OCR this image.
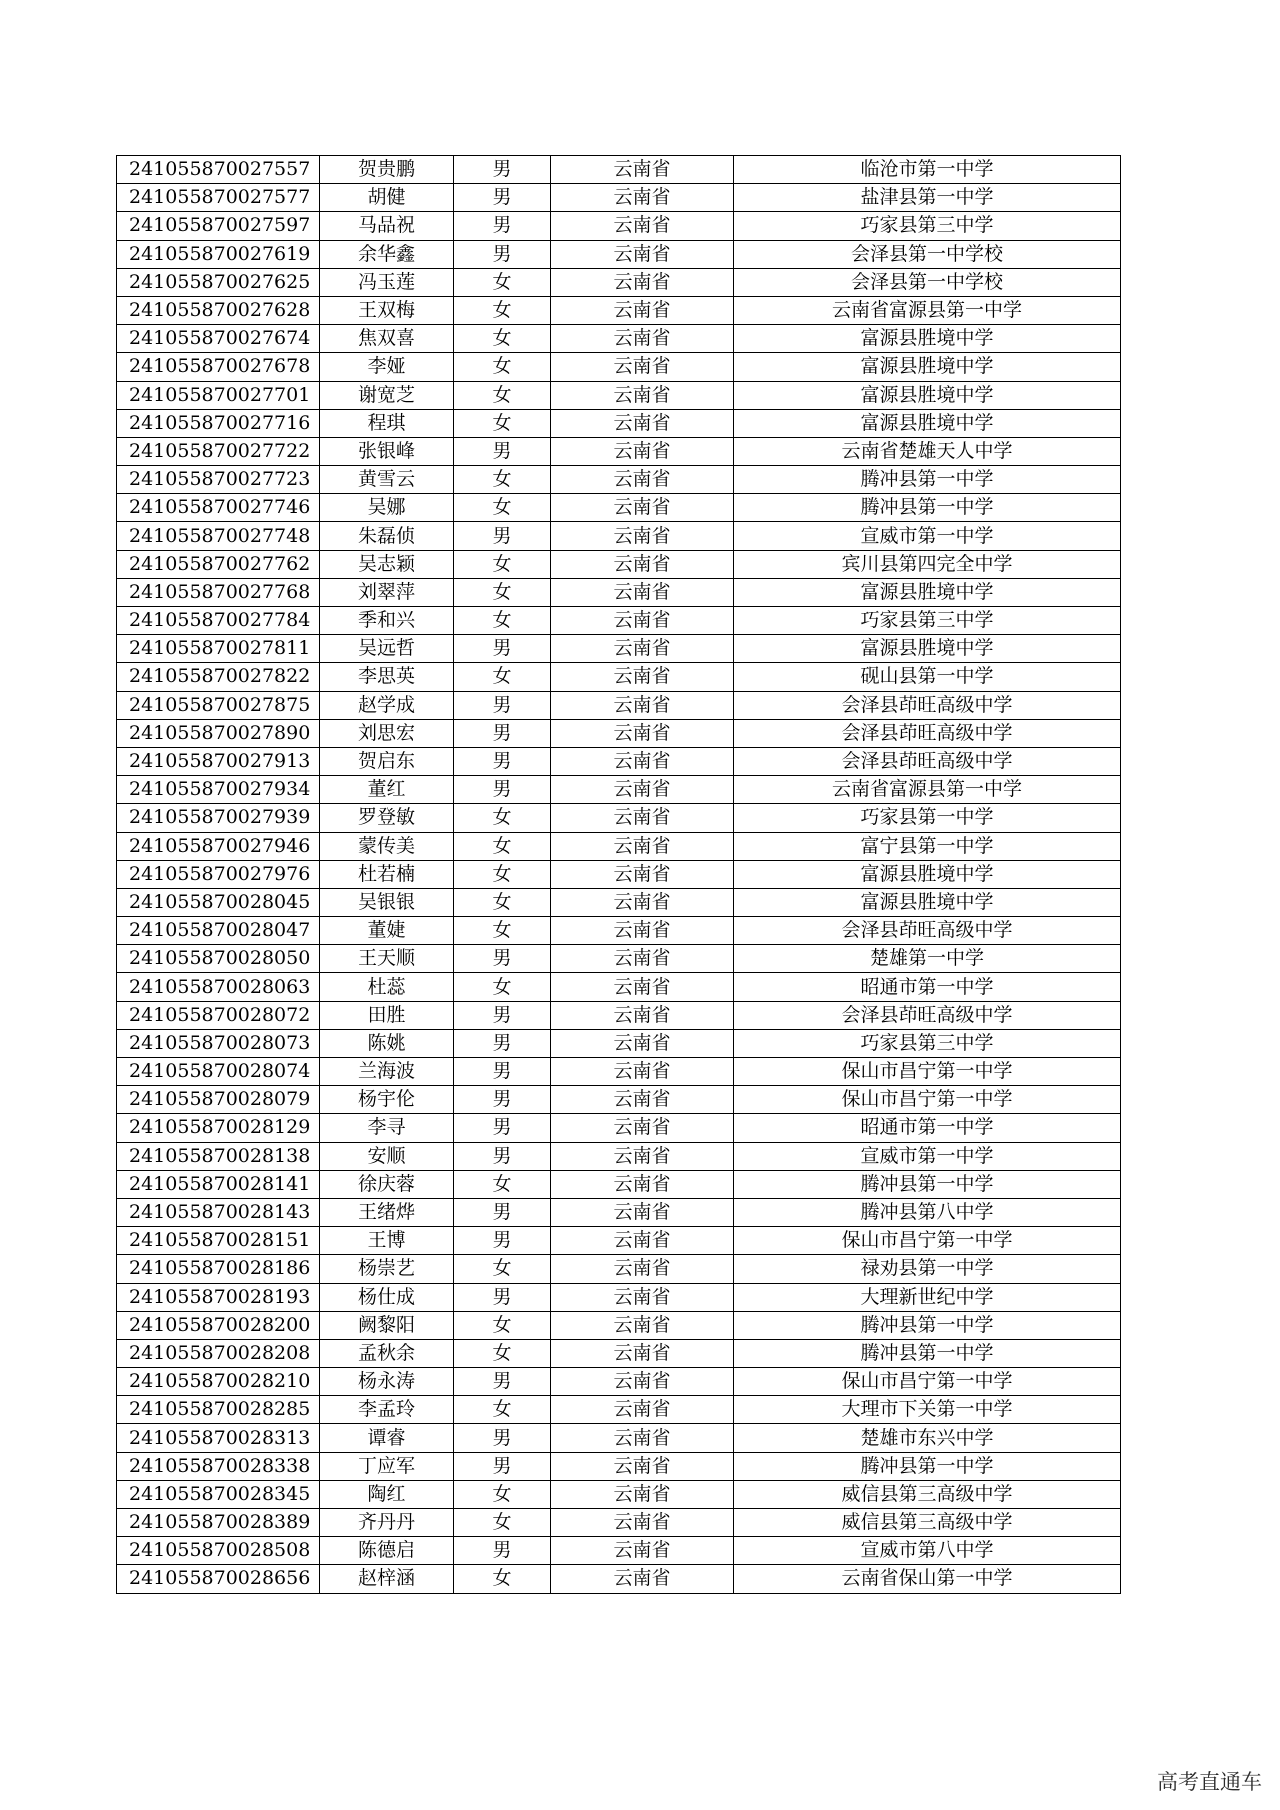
241055870027557	贺贵鹏	男	云南省	临沧市第一中学
241055870027577	胡健	男	云南省	盐津县第一中学
241055870027597	马品祝	男	云南省	巧家县第三中学
241055870027619	余华鑫	男	云南省	会泽县第一中学校
241055870027625	冯玉莲	女	云南省	会泽县第一中学校
241055870027628	王双梅	女	云南省	云南省富源县第一中学
241055870027674	焦双喜	女	云南省	富源县胜境中学
241055870027678	李娅	女	云南省	富源县胜境中学
241055870027701	谢宽芝	女	云南省	富源县胜境中学
241055870027716	程琪	女	云南省	富源县胜境中学
241055870027722	张银峰	男	云南省	云南省楚雄天人中学
241055870027723	黄雪云	女	云南省	腾冲县第一中学
241055870027746	吴娜	女	云南省	腾冲县第一中学
241055870027748	朱磊侦	男	云南省	宣威市第一中学
241055870027762	吴志颖	女	云南省	宾川县第四完全中学
241055870027768	刘翠萍	女	云南省	富源县胜境中学
241055870027784	季和兴	女	云南省	巧家县第三中学
241055870027811	吴远哲	男	云南省	富源县胜境中学
241055870027822	李思英	女	云南省	砚山县第一中学
241055870027875	赵学成	男	云南省	会泽县茚旺高级中学
241055870027890	刘思宏	男	云南省	会泽县茚旺高级中学
241055870027913	贺启东	男	云南省	会泽县茚旺高级中学
241055870027934	董红	男	云南省	云南省富源县第一中学
241055870027939	罗登敏	女	云南省	巧家县第一中学
241055870027946	蒙传美	女	云南省	富宁县第一中学
241055870027976	杜若楠	女	云南省	富源县胜境中学
241055870028045	吴银银	女	云南省	富源县胜境中学
241055870028047	董婕	女	云南省	会泽县茚旺高级中学
241055870028050	王天顺	男	云南省	楚雄第一中学
241055870028063	杜蕊	女	云南省	昭通市第一中学
241055870028072	田胜	男	云南省	会泽县茚旺高级中学
241055870028073	陈姚	男	云南省	巧家县第三中学
241055870028074	兰海波	男	云南省	保山市昌宁第一中学
241055870028079	杨宇伦	男	云南省	保山市昌宁第一中学
241055870028129	李寻	男	云南省	昭通市第一中学
241055870028138	安顺	男	云南省	宣威市第一中学
241055870028141	徐庆蓉	女	云南省	腾冲县第一中学
241055870028143	王绪烨	男	云南省	腾冲县第八中学
241055870028151	王博	男	云南省	保山市昌宁第一中学
241055870028186	杨崇艺	女	云南省	禄劝县第一中学
241055870028193	杨仕成	男	云南省	大理新世纪中学
241055870028200	阙黎阳	女	云南省	腾冲县第一中学
241055870028208	孟秋余	女	云南省	腾冲县第一中学
241055870028210	杨永涛	男	云南省	保山市昌宁第一中学
241055870028285	李孟玲	女	云南省	大理市下关第一中学
241055870028313	谭睿	男	云南省	楚雄市东兴中学
241055870028338	丁应军	男	云南省	腾冲县第一中学
241055870028345	陶红	女	云南省	威信县第三高级中学
241055870028389	齐丹丹	女	云南省	威信县第三高级中学
241055870028508	陈德启	男	云南省	宣威市第八中学
241055870028656	赵梓涵	女	云南省	云南省保山第一中学
高考直通车
